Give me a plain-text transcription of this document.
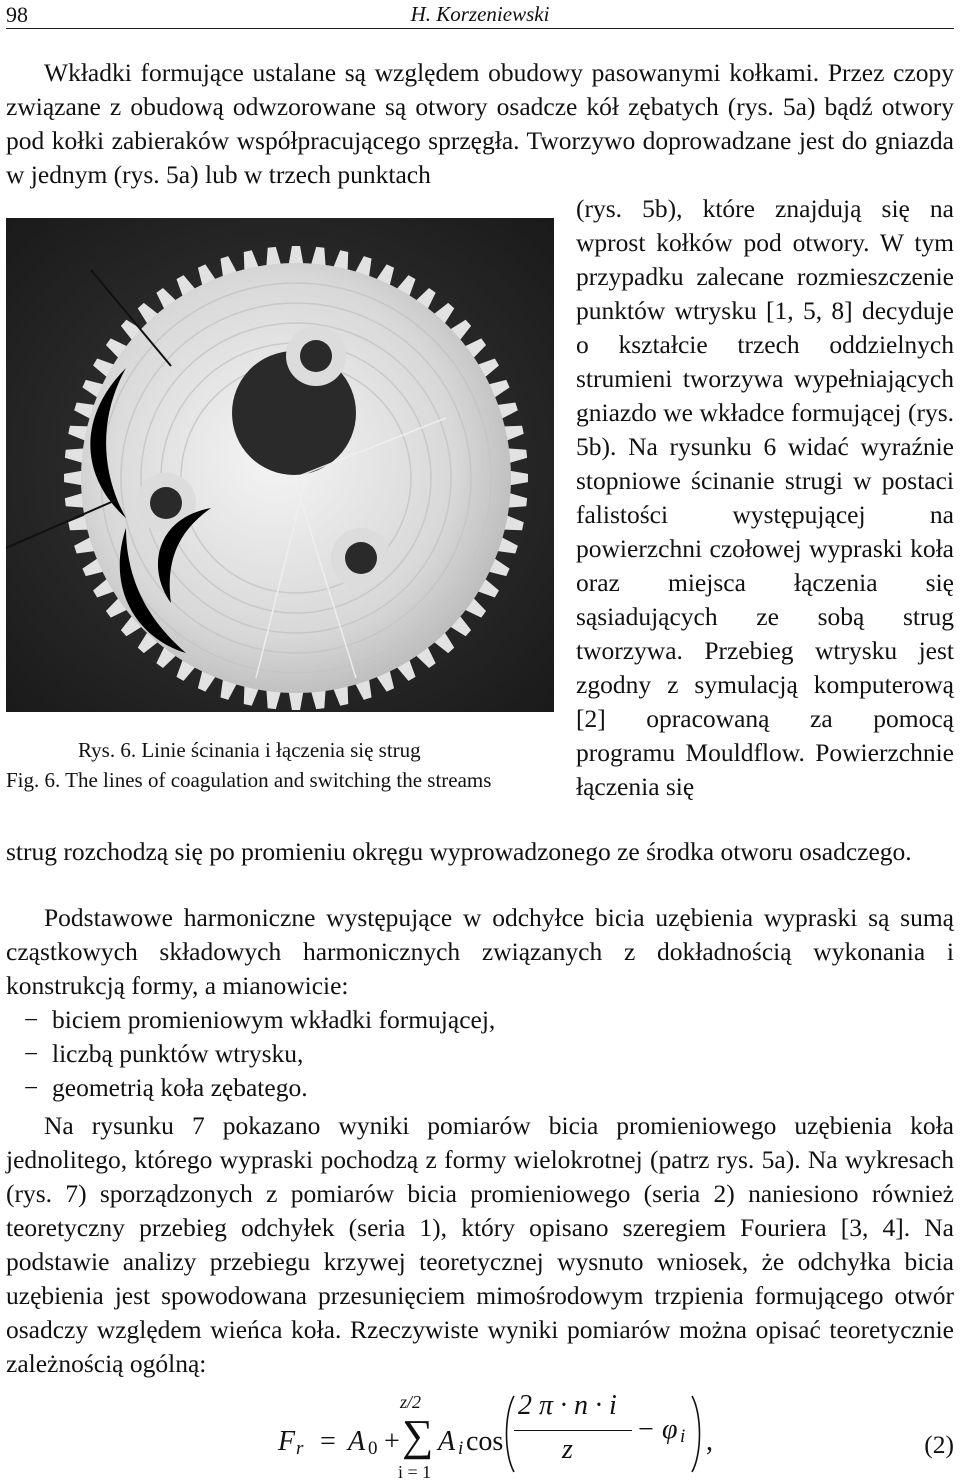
98	H. Korzeniewski

Wkładki formujące ustalane są względem obudowy pasowanymi kołkami. Przez czopy związane z obudową odwzorowane są otwory osadcze kół zębatych (rys. 5a) bądź otwory pod kołki zabieraków współpracującego sprzęgła. Tworzywo doprowadzane jest do gniazda w jednym (rys. 5a) lub w trzech punktach

(rys. 5b), które znajdują się na wprost kołków pod otwory. W tym przypadku zalecane rozmieszczenie punktów wtrysku [1, 5, 8] decyduje o kształcie trzech oddzielnych strumieni tworzywa wypełniających gniazdo we wkładce formującej (rys. 5b). Na rysunku 6 widać wyraźnie stopniowe ścinanie strugi w postaci falistości występującej na powierzchni czołowej wypraski koła oraz miejsca łączenia się sąsiadujących ze sobą strug tworzywa. Przebieg wtrysku jest zgodny z symulacją komputerową [2] opracowaną za pomocą programu Mouldflow. Powierzchnie łączenia się

Rys. 6. Linie ścinania i łączenia się strug
Fig. 6. The lines of coagulation and switching the streams

strug rozchodzą się po promieniu okręgu wyprowadzonego ze środka otworu osadczego.

Podstawowe harmoniczne występujące w odchyłce bicia uzębienia wypraski są sumą cząstkowych składowych harmonicznych związanych z dokładnością wykonania i konstrukcją formy, a mianowicie:

− biciem promieniowym wkładki formującej,
− liczbą punktów wtrysku,
− geometrią koła zębatego.

Na rysunku 7 pokazano wyniki pomiarów bicia promieniowego uzębienia koła jednolitego, którego wypraski pochodzą z formy wielokrotnej (patrz rys. 5a). Na wykresach (rys. 7) sporządzonych z pomiarów bicia promieniowego (seria 2) naniesiono również teoretyczny przebieg odchyłek (seria 1), który opisano szeregiem Fouriera [3, 4]. Na podstawie analizy przebiegu krzywej teoretycznej wysnuto wniosek, że odchyłka bicia uzębienia jest spowodowana przesunięciem mimośrodowym trzpienia formującego otwór osadczy względem wieńca koła. Rzeczywiste wyniki pomiarów można opisać teoretycznie zależnością ogólną:

F r = A 0 +
z/2
∑
i = 1
A i cos
2 π · n · i
z
− φ i ,	(2)
